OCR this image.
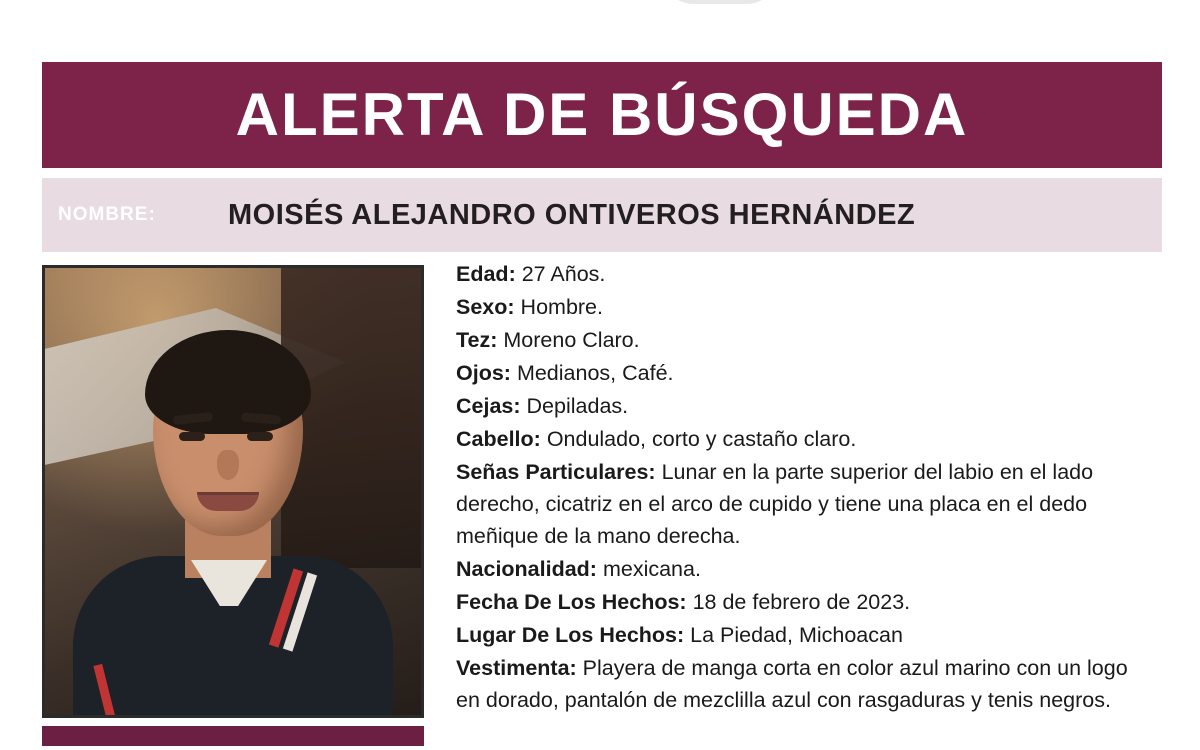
ALERTA DE BÚSQUEDA
NOMBRE:	MOISÉS ALEJANDRO ONTIVEROS HERNÁNDEZ

Edad: 27 Años.

Sexo: Hombre.

Tez: Moreno Claro.

Ojos: Medianos, Café.

Cejas: Depiladas.

Cabello: Ondulado, corto y castaño claro.

Señas Particulares: Lunar en la parte superior del labio en el lado derecho, cicatriz en el arco de cupido y tiene una placa en el dedo meñique de la mano derecha.

Nacionalidad: mexicana.

Fecha De Los Hechos: 18 de febrero de 2023.

Lugar De Los Hechos: La Piedad, Michoacan

Vestimenta: Playera de manga corta en color azul marino con un logo en dorado, pantalón de mezclilla azul con rasgaduras y tenis negros.
